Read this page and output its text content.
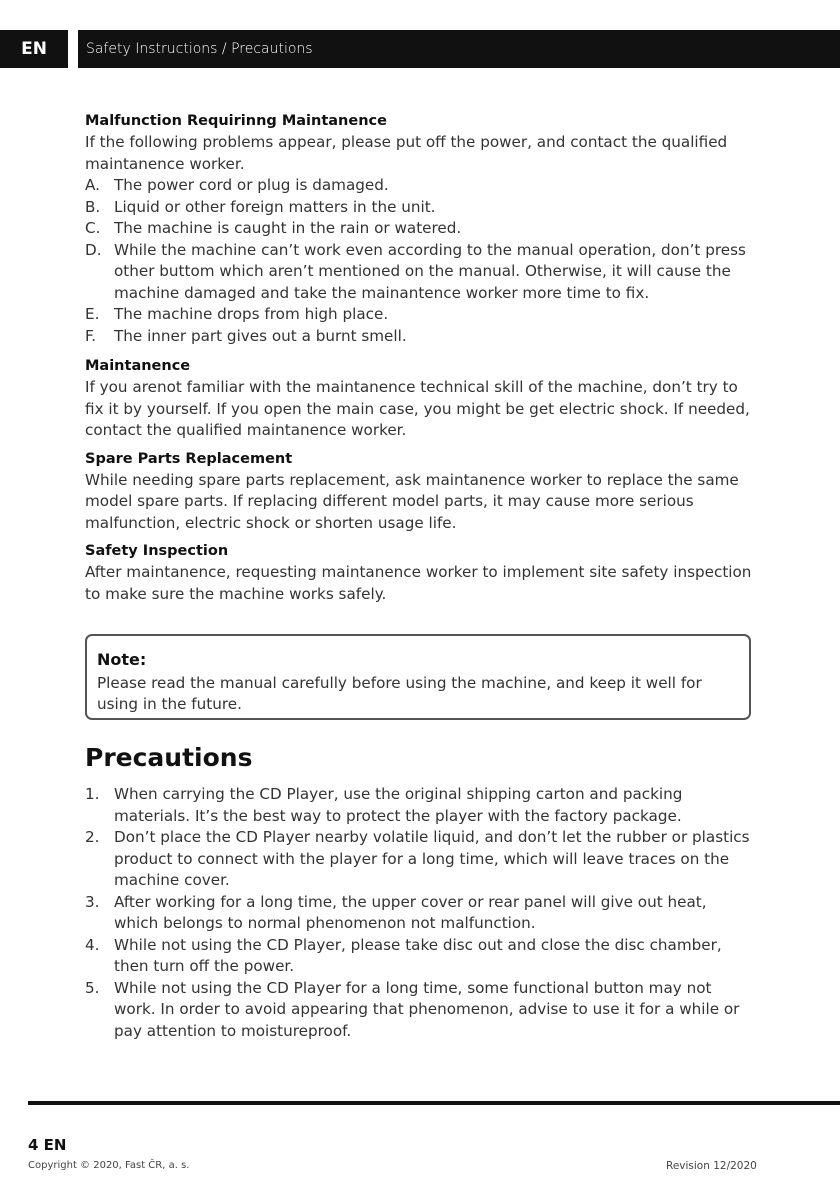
EN	Safety Instructions / Precautions

Malfunction Requirinng Maintanence

If the following problems appear, please put off the power, and contact the qualified maintanence worker.

A. The power cord or plug is damaged.
B. Liquid or other foreign matters in the unit.
C. The machine is caught in the rain or watered.
D. While the machine can’t work even according to the manual operation, don’t press other buttom which aren’t mentioned on the manual. Otherwise, it will cause the machine damaged and take the mainantence worker more time to fix.
E. The machine drops from high place.
F. The inner part gives out a burnt smell.

Maintanence

If you arenot familiar with the maintanence technical skill of the machine, don’t try to fix it by yourself. If you open the main case, you might be get electric shock. If needed, contact the qualified maintanence worker.

Spare Parts Replacement

While needing spare parts replacement, ask maintanence worker to replace the same model spare parts. If replacing different model parts, it may cause more serious malfunction, electric shock or shorten usage life.

Safety Inspection

After maintanence, requesting maintanence worker to implement site safety inspection to make sure the machine works safely.

Note:

Please read the manual carefully before using the machine, and keep it well for using in the future.

Precautions
1. When carrying the CD Player, use the original shipping carton and packing materials. It’s the best way to protect the player with the factory package.
2. Don’t place the CD Player nearby volatile liquid, and don’t let the rubber or plastics product to connect with the player for a long time, which will leave traces on the machine cover.
3. After working for a long time, the upper cover or rear panel will give out heat, which belongs to normal phenomenon not malfunction.
4. While not using the CD Player, please take disc out and close the disc chamber, then turn off the power.
5. While not using the CD Player for a long time, some functional button may not work. In order to avoid appearing that phenomenon, advise to use it for a while or pay attention to moistureproof.
4 EN
Copyright © 2020, Fast ČR, a. s.	Revision 12/2020
